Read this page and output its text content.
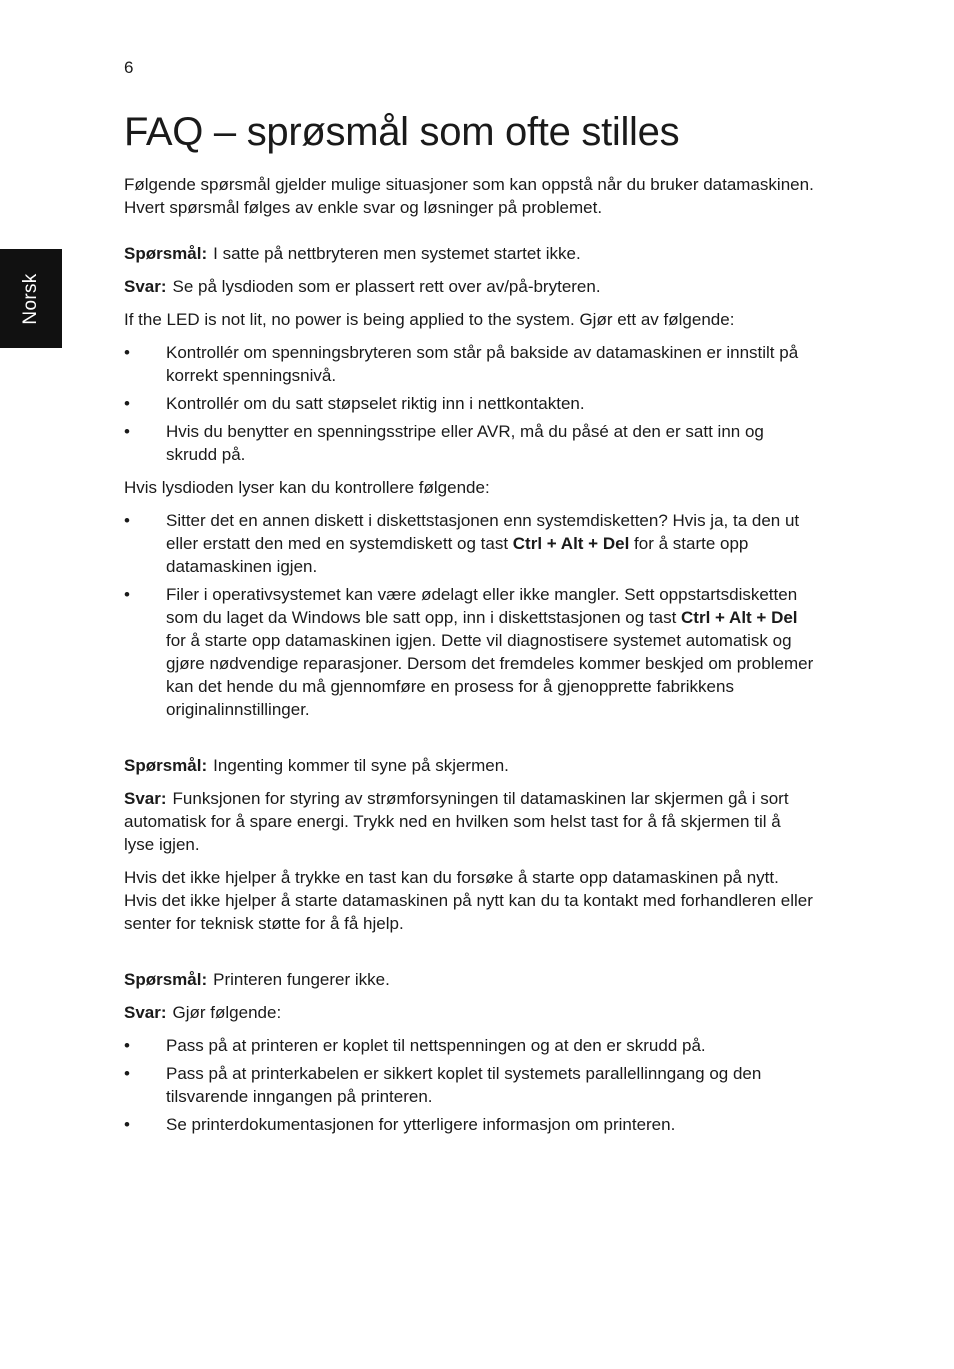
6
Norsk
FAQ – sprøsmål som ofte stilles

Følgende spørsmål gjelder mulige situasjoner som kan oppstå når du bruker datamaskinen. Hvert spørsmål følges av enkle svar og løsninger på problemet.

Spørsmål: I satte på nettbryteren men systemet startet ikke.

Svar: Se på lysdioden som er plassert rett over av/på-bryteren.

If the LED is not lit, no power is being applied to the system. Gjør ett av følgende:

• Kontrollér om spenningsbryteren som står på bakside av datamaskinen er innstilt på korrekt spenningsnivå.
• Kontrollér om du satt støpselet riktig inn i nettkontakten.
• Hvis du benytter en spenningsstripe eller AVR, må du påsé at den er satt inn og skrudd på.

Hvis lysdioden lyser kan du kontrollere følgende:

• Sitter det en annen diskett i diskettstasjonen enn systemdisketten? Hvis ja, ta den ut eller erstatt den med en systemdiskett og tast Ctrl + Alt + Del for å starte opp datamaskinen igjen.
• Filer i operativsystemet kan være ødelagt eller ikke mangler. Sett oppstartsdisketten som du laget da Windows ble satt opp, inn i diskettstasjonen og tast Ctrl + Alt + Del for å starte opp datamaskinen igjen. Dette vil diagnostisere systemet automatisk og gjøre nødvendige reparasjoner. Dersom det fremdeles kommer beskjed om problemer kan det hende du må gjennomføre en prosess for å gjenopprette fabrikkens originalinnstillinger.

Spørsmål: Ingenting kommer til syne på skjermen.

Svar: Funksjonen for styring av strømforsyningen til datamaskinen lar skjermen gå i sort automatisk for å spare energi. Trykk ned en hvilken som helst tast for å få skjermen til å lyse igjen.

Hvis det ikke hjelper å trykke en tast kan du forsøke å starte opp datamaskinen på nytt. Hvis det ikke hjelper å starte datamaskinen på nytt kan du ta kontakt med forhandleren eller senter for teknisk støtte for å få hjelp.

Spørsmål: Printeren fungerer ikke.

Svar: Gjør følgende:

• Pass på at printeren er koplet til nettspenningen og at den er skrudd på.
• Pass på at printerkabelen er sikkert koplet til systemets parallellinngang og den tilsvarende inngangen på printeren.
• Se printerdokumentasjonen for ytterligere informasjon om printeren.
